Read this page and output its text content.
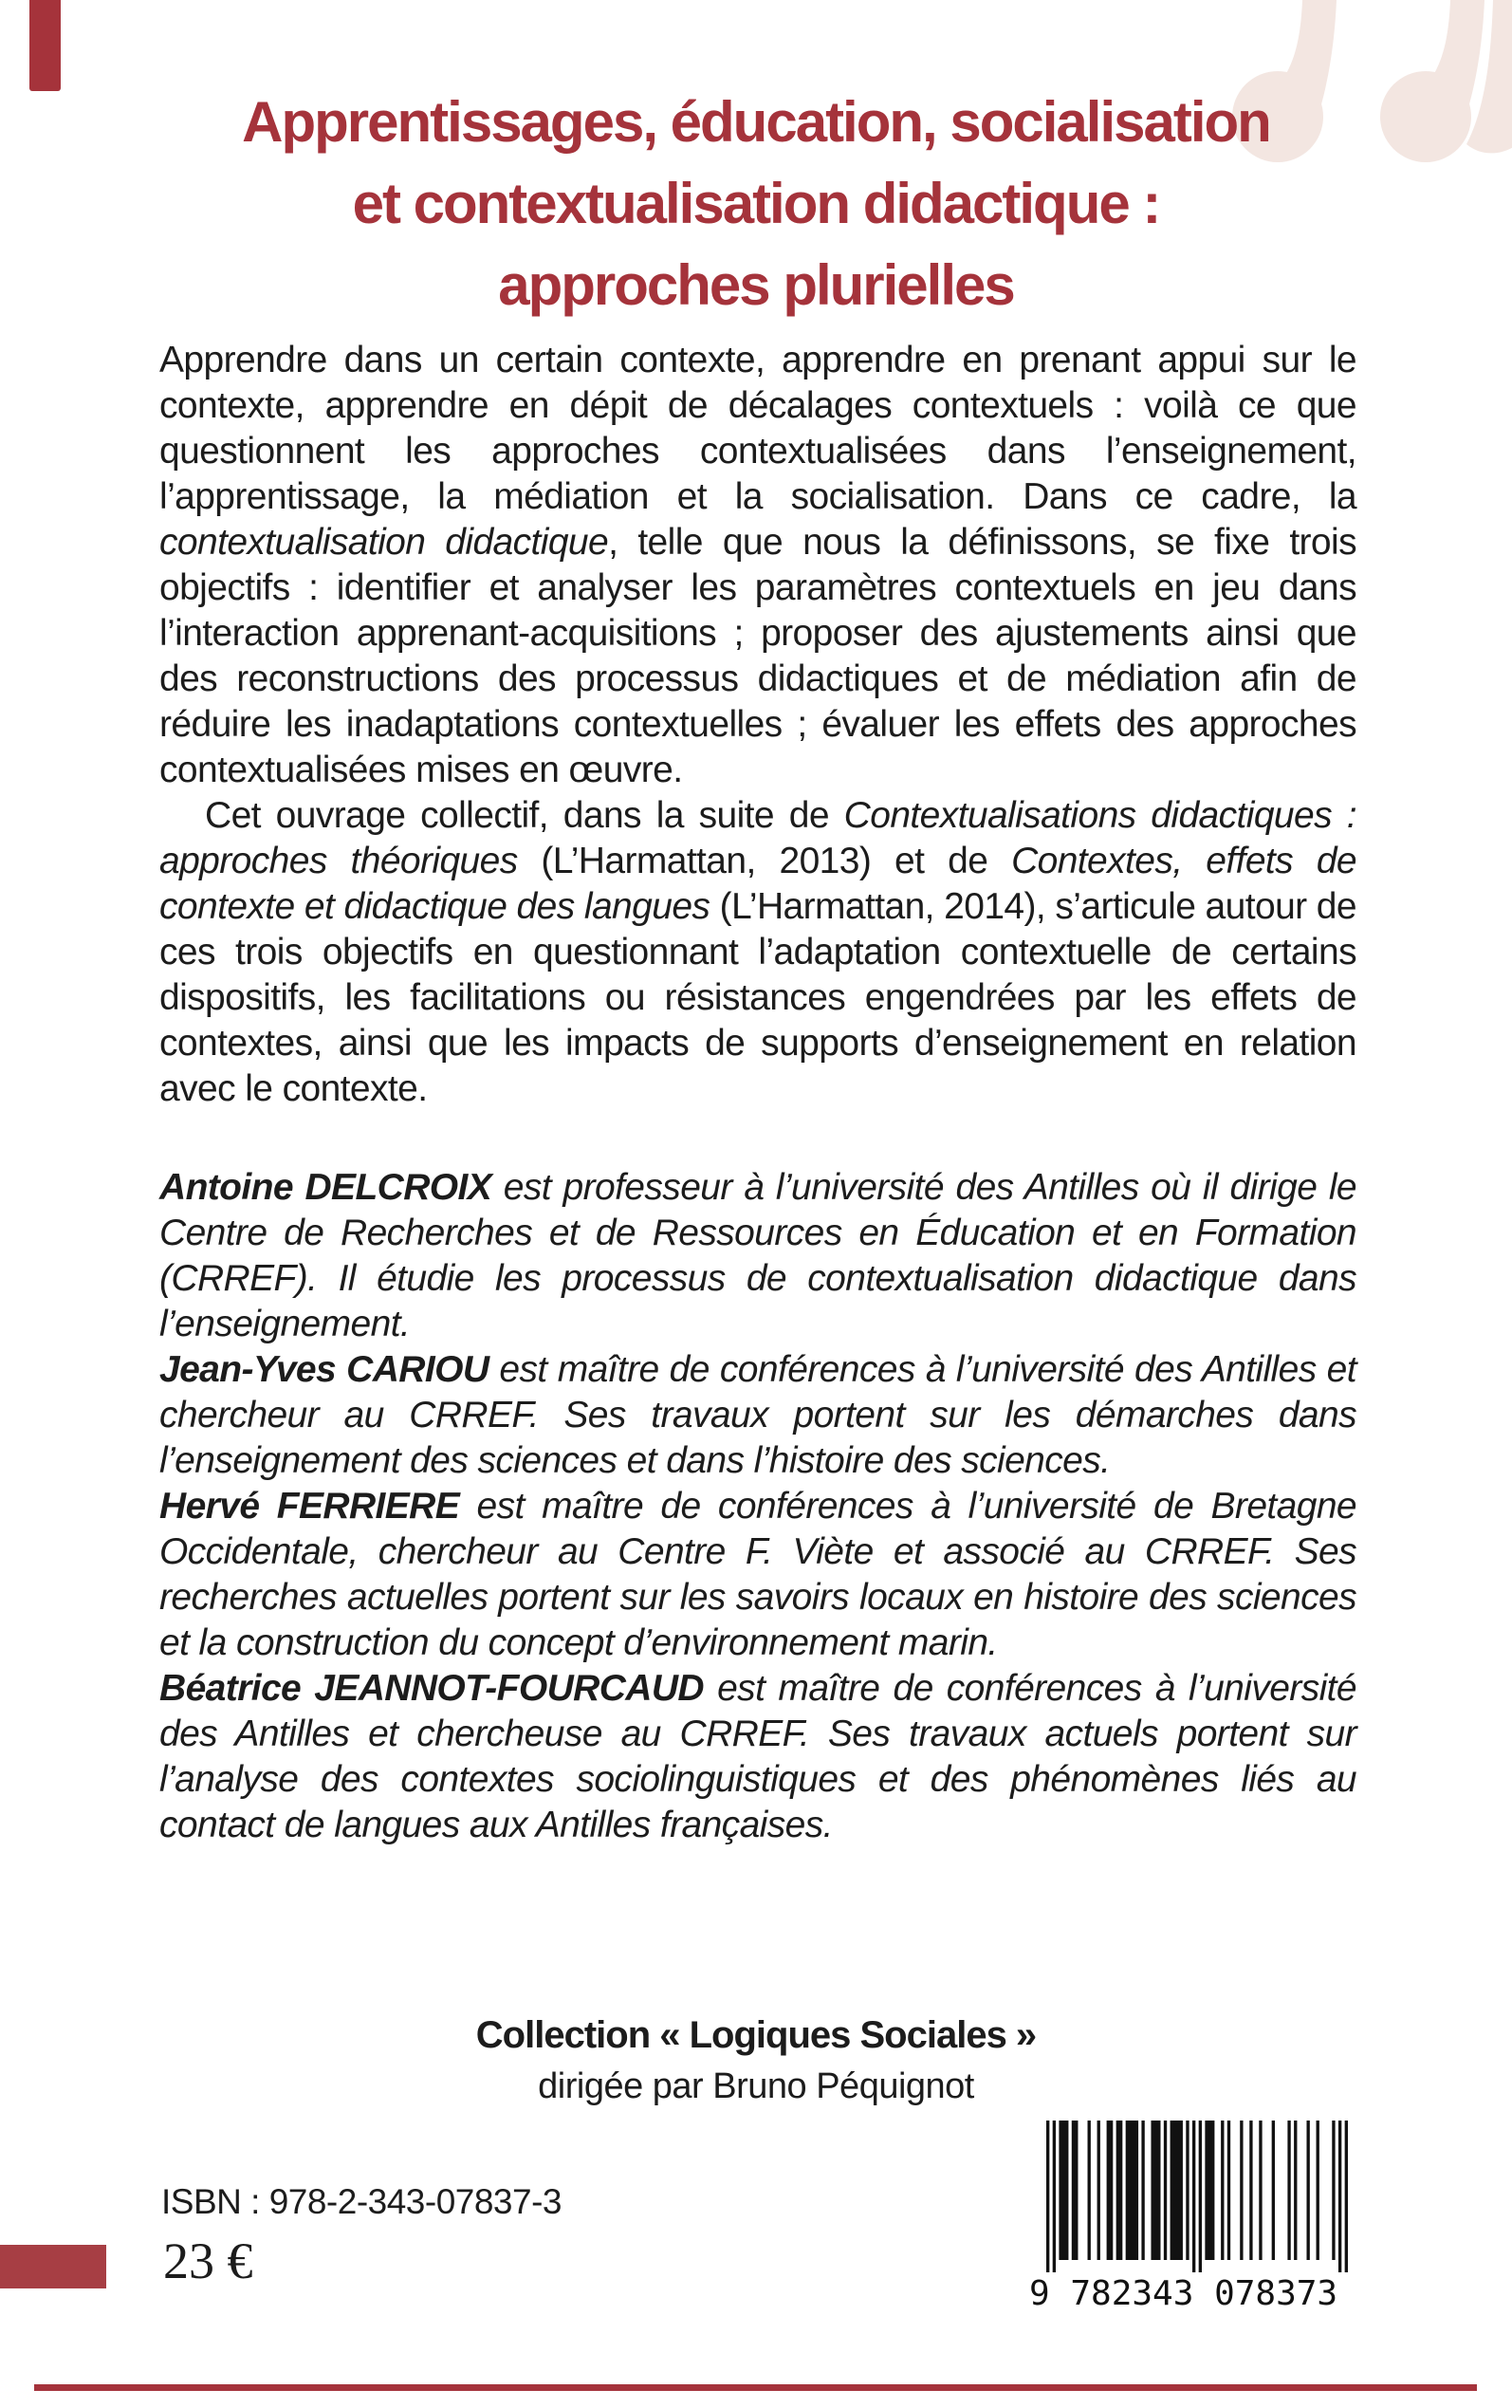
Apprentissages, éducation, socialisation
et contextualisation didactique :
approches plurielles

Apprendre dans un certain contexte, apprendre en prenant appui sur le contexte, apprendre en dépit de décalages contextuels : voilà ce que questionnent les approches contextualisées dans l’enseignement, l’apprentissage, la médiation et la socialisation. Dans ce cadre, la contextualisation didactique, telle que nous la définissons, se fixe trois objectifs : identifier et analyser les paramètres contextuels en jeu dans l’interaction apprenant-acquisitions ; proposer des ajustements ainsi que des reconstructions des processus didactiques et de médiation afin de réduire les inadaptations contextuelles ; évaluer les effets des approches contextualisées mises en œuvre.

Cet ouvrage collectif, dans la suite de Contextualisations didactiques : approches théoriques (L’Harmattan, 2013) et de Contextes, effets de contexte et didactique des langues (L’Harmattan, 2014), s’articule autour de ces trois objectifs en questionnant l’adaptation contextuelle de certains dispositifs, les facilitations ou résistances engendrées par les effets de contextes, ainsi que les impacts de supports d’enseignement en relation avec le contexte.

Antoine DELCROIX est professeur à l’université des Antilles où il dirige le Centre de Recherches et de Ressources en Éducation et en Formation (CRREF). Il étudie les processus de contextualisation didactique dans l’enseignement.

Jean-Yves CARIOU est maître de conférences à l’université des Antilles et chercheur au CRREF. Ses travaux portent sur les démarches dans l’enseignement des sciences et dans l’histoire des sciences.

Hervé FERRIERE est maître de conférences à l’université de Bretagne Occidentale, chercheur au Centre F. Viète et associé au CRREF. Ses recherches actuelles portent sur les savoirs locaux en histoire des sciences et la construction du concept d’environnement marin.

Béatrice JEANNOT-FOURCAUD est maître de conférences à l’université des Antilles et chercheuse au CRREF. Ses travaux actuels portent sur l’analyse des contextes sociolinguistiques et des phénomènes liés au contact de langues aux Antilles françaises.

Collection « Logiques Sociales »
dirigée par Bruno Péquignot
ISBN : 978-2-343-07837-3
23 €
9 782343 078373
